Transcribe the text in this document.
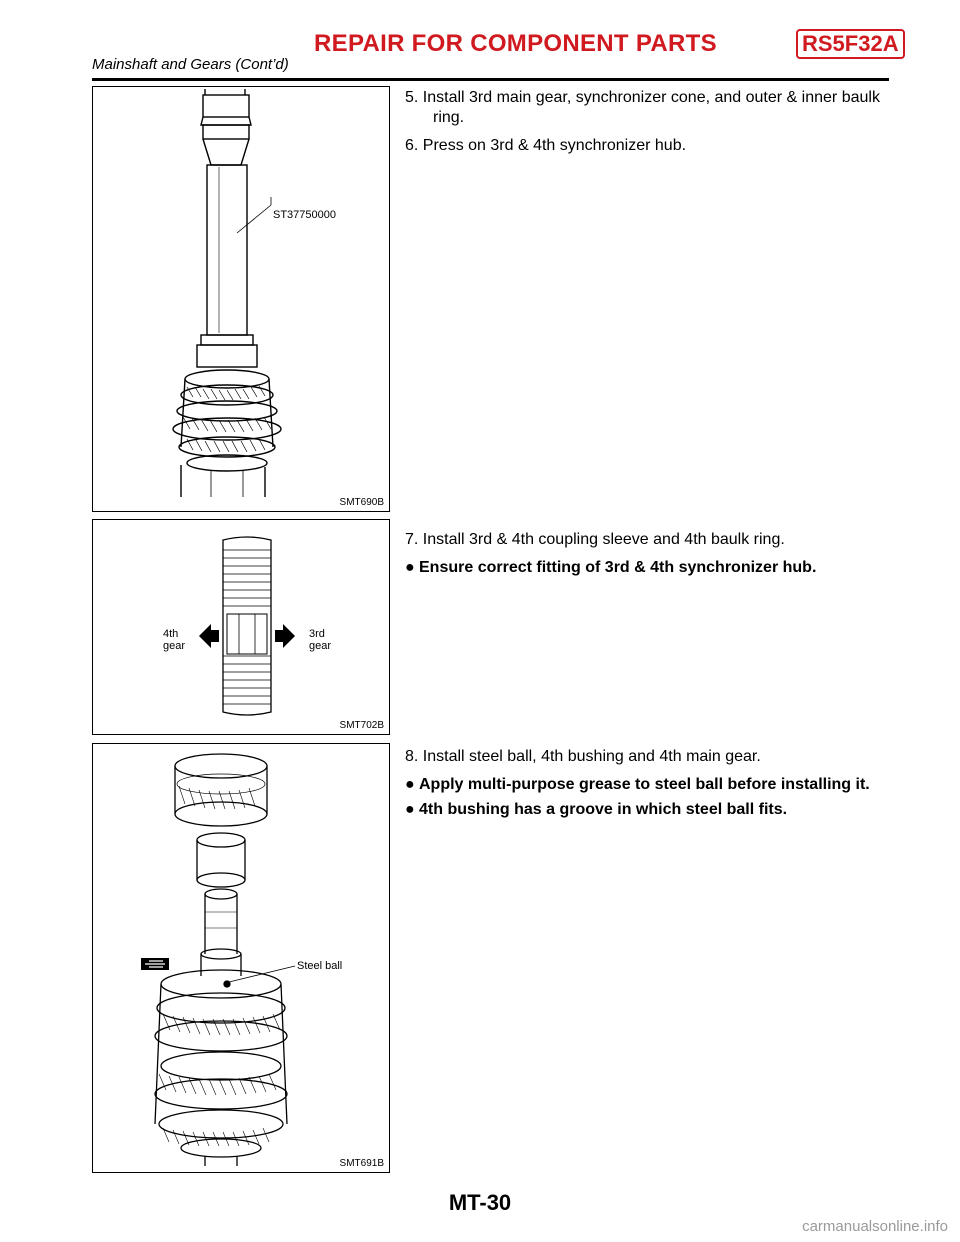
REPAIR FOR COMPONENT PARTS	RS5F32A
Mainshaft and Gears (Cont’d)
ST37750000
SMT690B
4th
gear
3rd
gear
SMT702B
Steel ball
SMT691B

5. Install 3rd main gear, synchronizer cone, and outer & inner baulk ring.

6. Press on 3rd & 4th synchronizer hub.

7. Install 3rd & 4th coupling sleeve and 4th baulk ring.

● Ensure correct fitting of 3rd & 4th synchronizer hub.

8. Install steel ball, 4th bushing and 4th main gear.

● Apply multi-purpose grease to steel ball before installing it.

● 4th bushing has a groove in which steel ball fits.

MT-30
carmanualsonline.info
